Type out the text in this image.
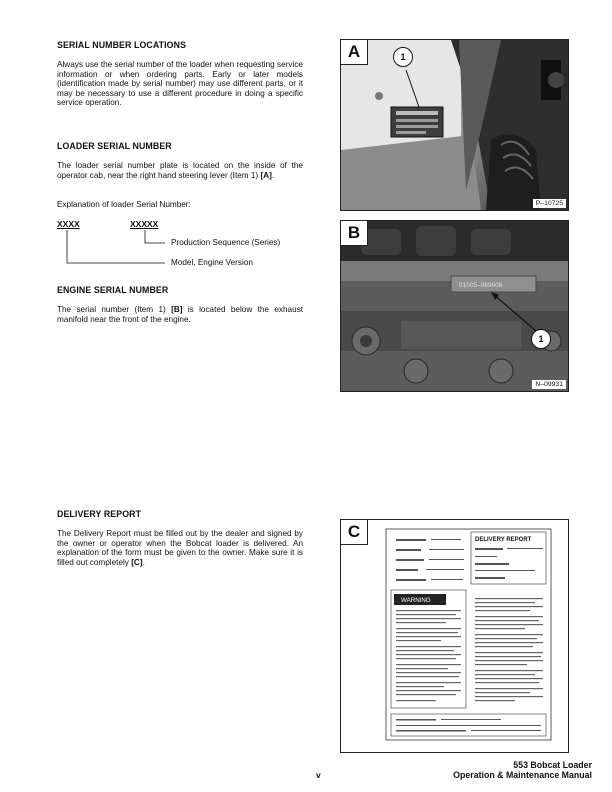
SERIAL NUMBER LOCATIONS

Always use the serial number of the loader when requesting service information or when ordering parts. Early or later models (identification made by serial number) may use different parts, or it may be necessary to use a different procedure in doing a specific service operation.

LOADER SERIAL NUMBER

The loader serial number plate is located on the inside of the operator cab, near the right hand steering lever (Item 1) [A].

Explanation of loader Serial Number:

XXXX	XXXXX
Production Sequence (Series)
Model, Engine Version
ENGINE SERIAL NUMBER

The serial number (Item 1) [B] is located below the exhaust manifold near the front of the engine.

DELIVERY REPORT

The Delivery Report must be filled out by the dealer and signed by the owner or operator when the Bobcat loader is delivered. An explanation of the form must be given to the owner. Make sure it is filled out completely [C].

A	1
P–10725
01005–069606
B
1
N–09931
C	DELIVERY REPORT
WARNING
v
553 Bobcat Loader
Operation & Maintenance Manual
